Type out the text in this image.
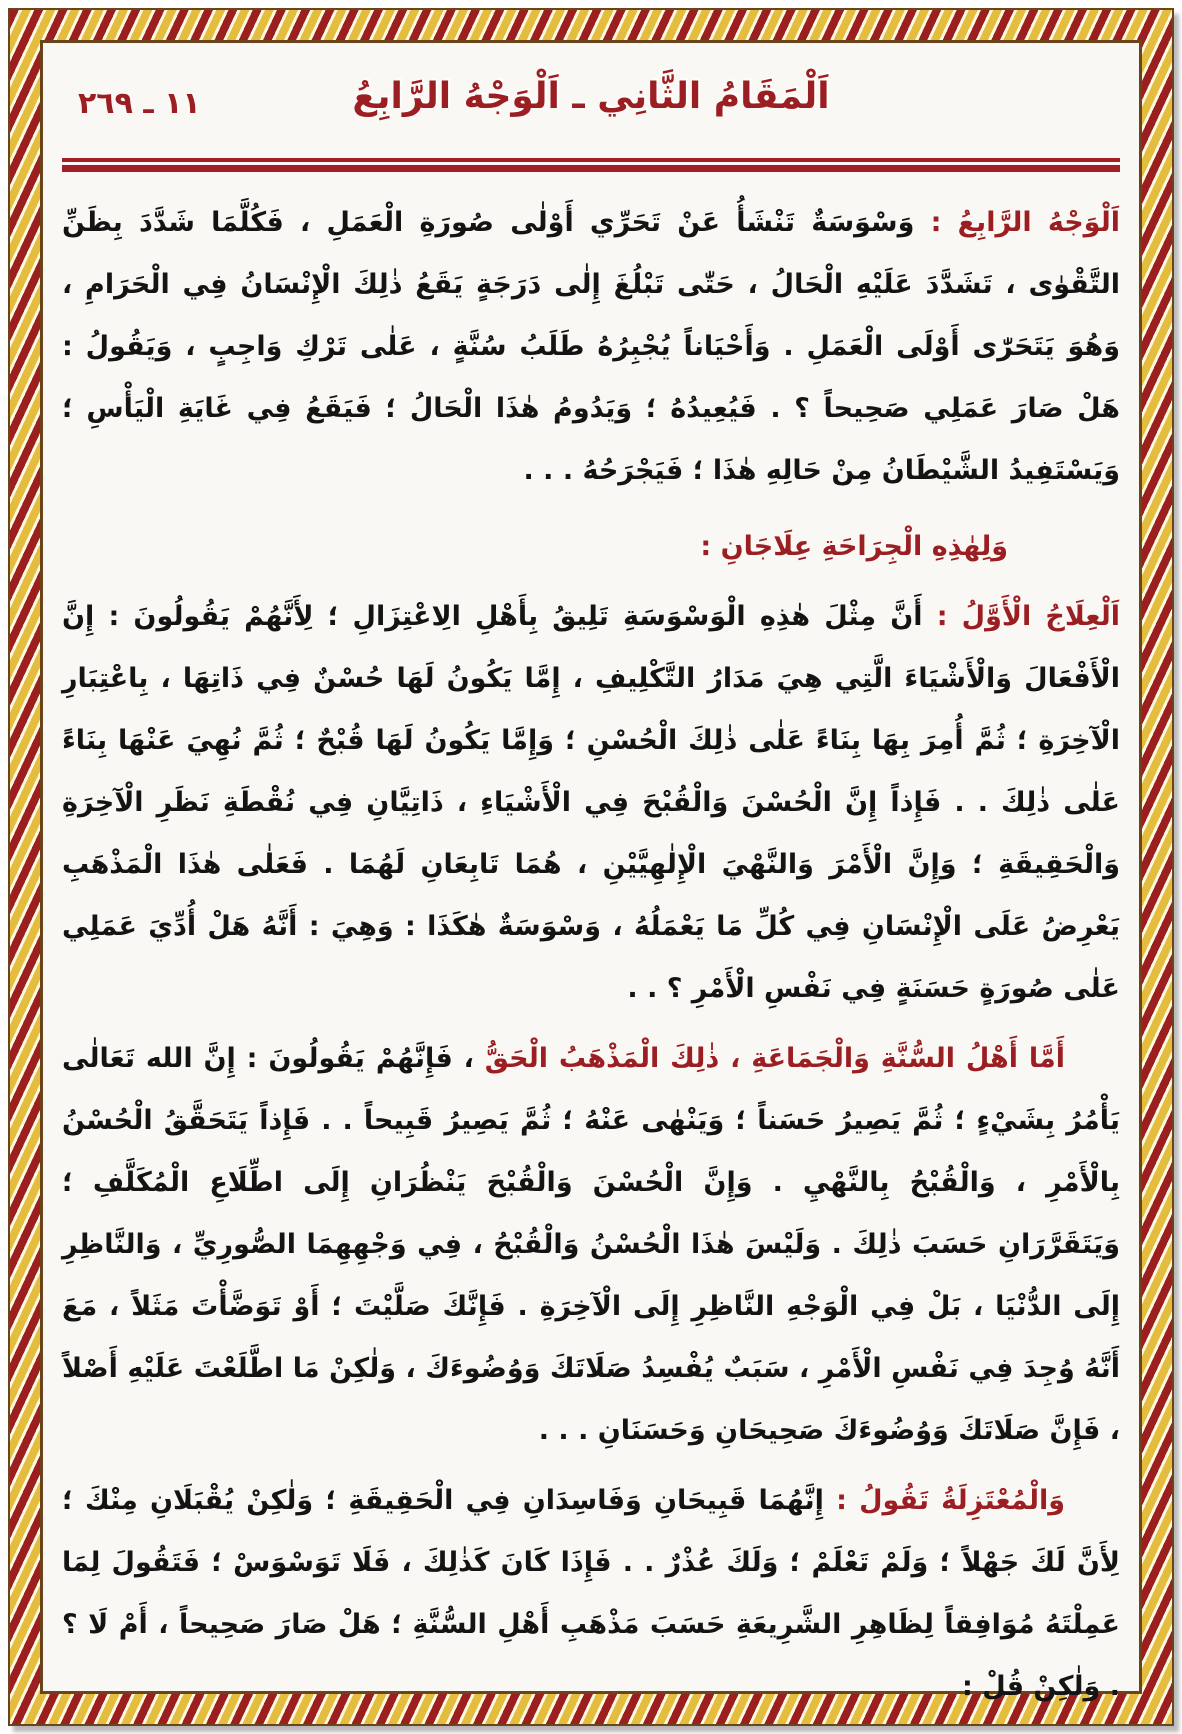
١١ ـ ٢٦٩	اَلْمَقَامُ الثَّانِي ـ اَلْوَجْهُ الرَّابِعُ

اَلْوَجْهُ الرَّابِعُ : وَسْوَسَةٌ تَنْشَأُ عَنْ تَحَرِّي أَوْلٰى صُورَةِ الْعَمَلِ ، فَكُلَّمَا شَدَّدَ بِظَنِّ التَّقْوٰى ، تَشَدَّدَ عَلَيْهِ الْحَالُ ، حَتّٰى تَبْلُغَ إِلٰى دَرَجَةٍ يَقَعُ ذٰلِكَ الْإِنْسَانُ فِي الْحَرَامِ ، وَهُوَ يَتَحَرّٰى أَوْلَى الْعَمَلِ . وَأَحْيَاناً يُجْبِرُهُ طَلَبُ سُنَّةٍ ، عَلٰى تَرْكِ وَاجِبٍ ، وَيَقُولُ : هَلْ صَارَ عَمَلِي صَحِيحاً ؟ . فَيُعِيدُهُ ؛ وَيَدُومُ هٰذَا الْحَالُ ؛ فَيَقَعُ فِي غَايَةِ الْيَأْسِ ؛ وَيَسْتَفِيدُ الشَّيْطَانُ مِنْ حَالِهِ هٰذَا ؛ فَيَجْرَحُهُ . . .

وَلِهٰذِهِ الْجِرَاحَةِ عِلَاجَانِ :

اَلْعِلَاجُ الْأَوَّلُ : أَنَّ مِثْلَ هٰذِهِ الْوَسْوَسَةِ تَلِيقُ بِأَهْلِ الِاعْتِزَالِ ؛ لِأَنَّهُمْ يَقُولُونَ : إِنَّ الْأَفْعَالَ وَالْأَشْيَاءَ الَّتِي هِيَ مَدَارُ التَّكْلِيفِ ، إِمَّا يَكُونُ لَهَا حُسْنٌ فِي ذَاتِهَا ، بِاعْتِبَارِ الْآخِرَةِ ؛ ثُمَّ أُمِرَ بِهَا بِنَاءً عَلٰى ذٰلِكَ الْحُسْنِ ؛ وَإِمَّا يَكُونُ لَهَا قُبْحٌ ؛ ثُمَّ نُهِيَ عَنْهَا بِنَاءً عَلٰى ذٰلِكَ . . فَإِذاً إِنَّ الْحُسْنَ وَالْقُبْحَ فِي الْأَشْيَاءِ ، ذَاتِيَّانِ فِي نُقْطَةِ نَظَرِ الْآخِرَةِ وَالْحَقِيقَةِ ؛ وَإِنَّ الْأَمْرَ وَالنَّهْيَ الْإِلٰهِيَّيْنِ ، هُمَا تَابِعَانِ لَهُمَا . فَعَلٰى هٰذَا الْمَذْهَبِ يَعْرِضُ عَلَى الْإِنْسَانِ فِي كُلِّ مَا يَعْمَلُهُ ، وَسْوَسَةٌ هٰكَذَا : وَهِيَ : أَنَّهُ هَلْ أُدِّيَ عَمَلِي عَلٰى صُورَةٍ حَسَنَةٍ فِي نَفْسِ الْأَمْرِ ؟ . .

أَمَّا أَهْلُ السُّنَّةِ وَالْجَمَاعَةِ ، ذٰلِكَ الْمَذْهَبُ الْحَقُّ ، فَإِنَّهُمْ يَقُولُونَ : إِنَّ الله تَعَالٰى يَأْمُرُ بِشَيْءٍ ؛ ثُمَّ يَصِيرُ حَسَناً ؛ وَيَنْهٰى عَنْهُ ؛ ثُمَّ يَصِيرُ قَبِيحاً . . فَإِذاً يَتَحَقَّقُ الْحُسْنُ بِالْأَمْرِ ، وَالْقُبْحُ بِالنَّهْيِ . وَإِنَّ الْحُسْنَ وَالْقُبْحَ يَنْظُرَانِ إِلَى اطِّلَاعِ الْمُكَلَّفِ ؛ وَيَتَقَرَّرَانِ حَسَبَ ذٰلِكَ . وَلَيْسَ هٰذَا الْحُسْنُ وَالْقُبْحُ ، فِي وَجْهِهِمَا الصُّورِيِّ ، وَالنَّاظِرِ إِلَى الدُّنْيَا ، بَلْ فِي الْوَجْهِ النَّاظِرِ إِلَى الْآخِرَةِ . فَإِنَّكَ صَلَّيْتَ ؛ أَوْ تَوَضَّأْتَ مَثَلاً ، مَعَ أَنَّهُ وُجِدَ فِي نَفْسِ الْأَمْرِ ، سَبَبٌ يُفْسِدُ صَلَاتَكَ وَوُضُوءَكَ ، وَلٰكِنْ مَا اطَّلَعْتَ عَلَيْهِ أَصْلاً ، فَإِنَّ صَلَاتَكَ وَوُضُوءَكَ صَحِيحَانِ وَحَسَنَانِ . . .

وَالْمُعْتَزِلَةُ تَقُولُ : إِنَّهُمَا قَبِيحَانِ وَفَاسِدَانِ فِي الْحَقِيقَةِ ؛ وَلٰكِنْ يُقْبَلَانِ مِنْكَ ؛ لِأَنَّ لَكَ جَهْلاً ؛ وَلَمْ تَعْلَمْ ؛ وَلَكَ عُذْرٌ . . فَإِذَا كَانَ كَذٰلِكَ ، فَلَا تَوَسْوَسْ ؛ فَتَقُولَ لِمَا عَمِلْتَهُ مُوَافِقاً لِظَاهِرِ الشَّرِيعَةِ حَسَبَ مَذْهَبِ أَهْلِ السُّنَّةِ ؛ هَلْ صَارَ صَحِيحاً ، أَمْ لَا ؟ . وَلٰكِنْ قُلْ :
